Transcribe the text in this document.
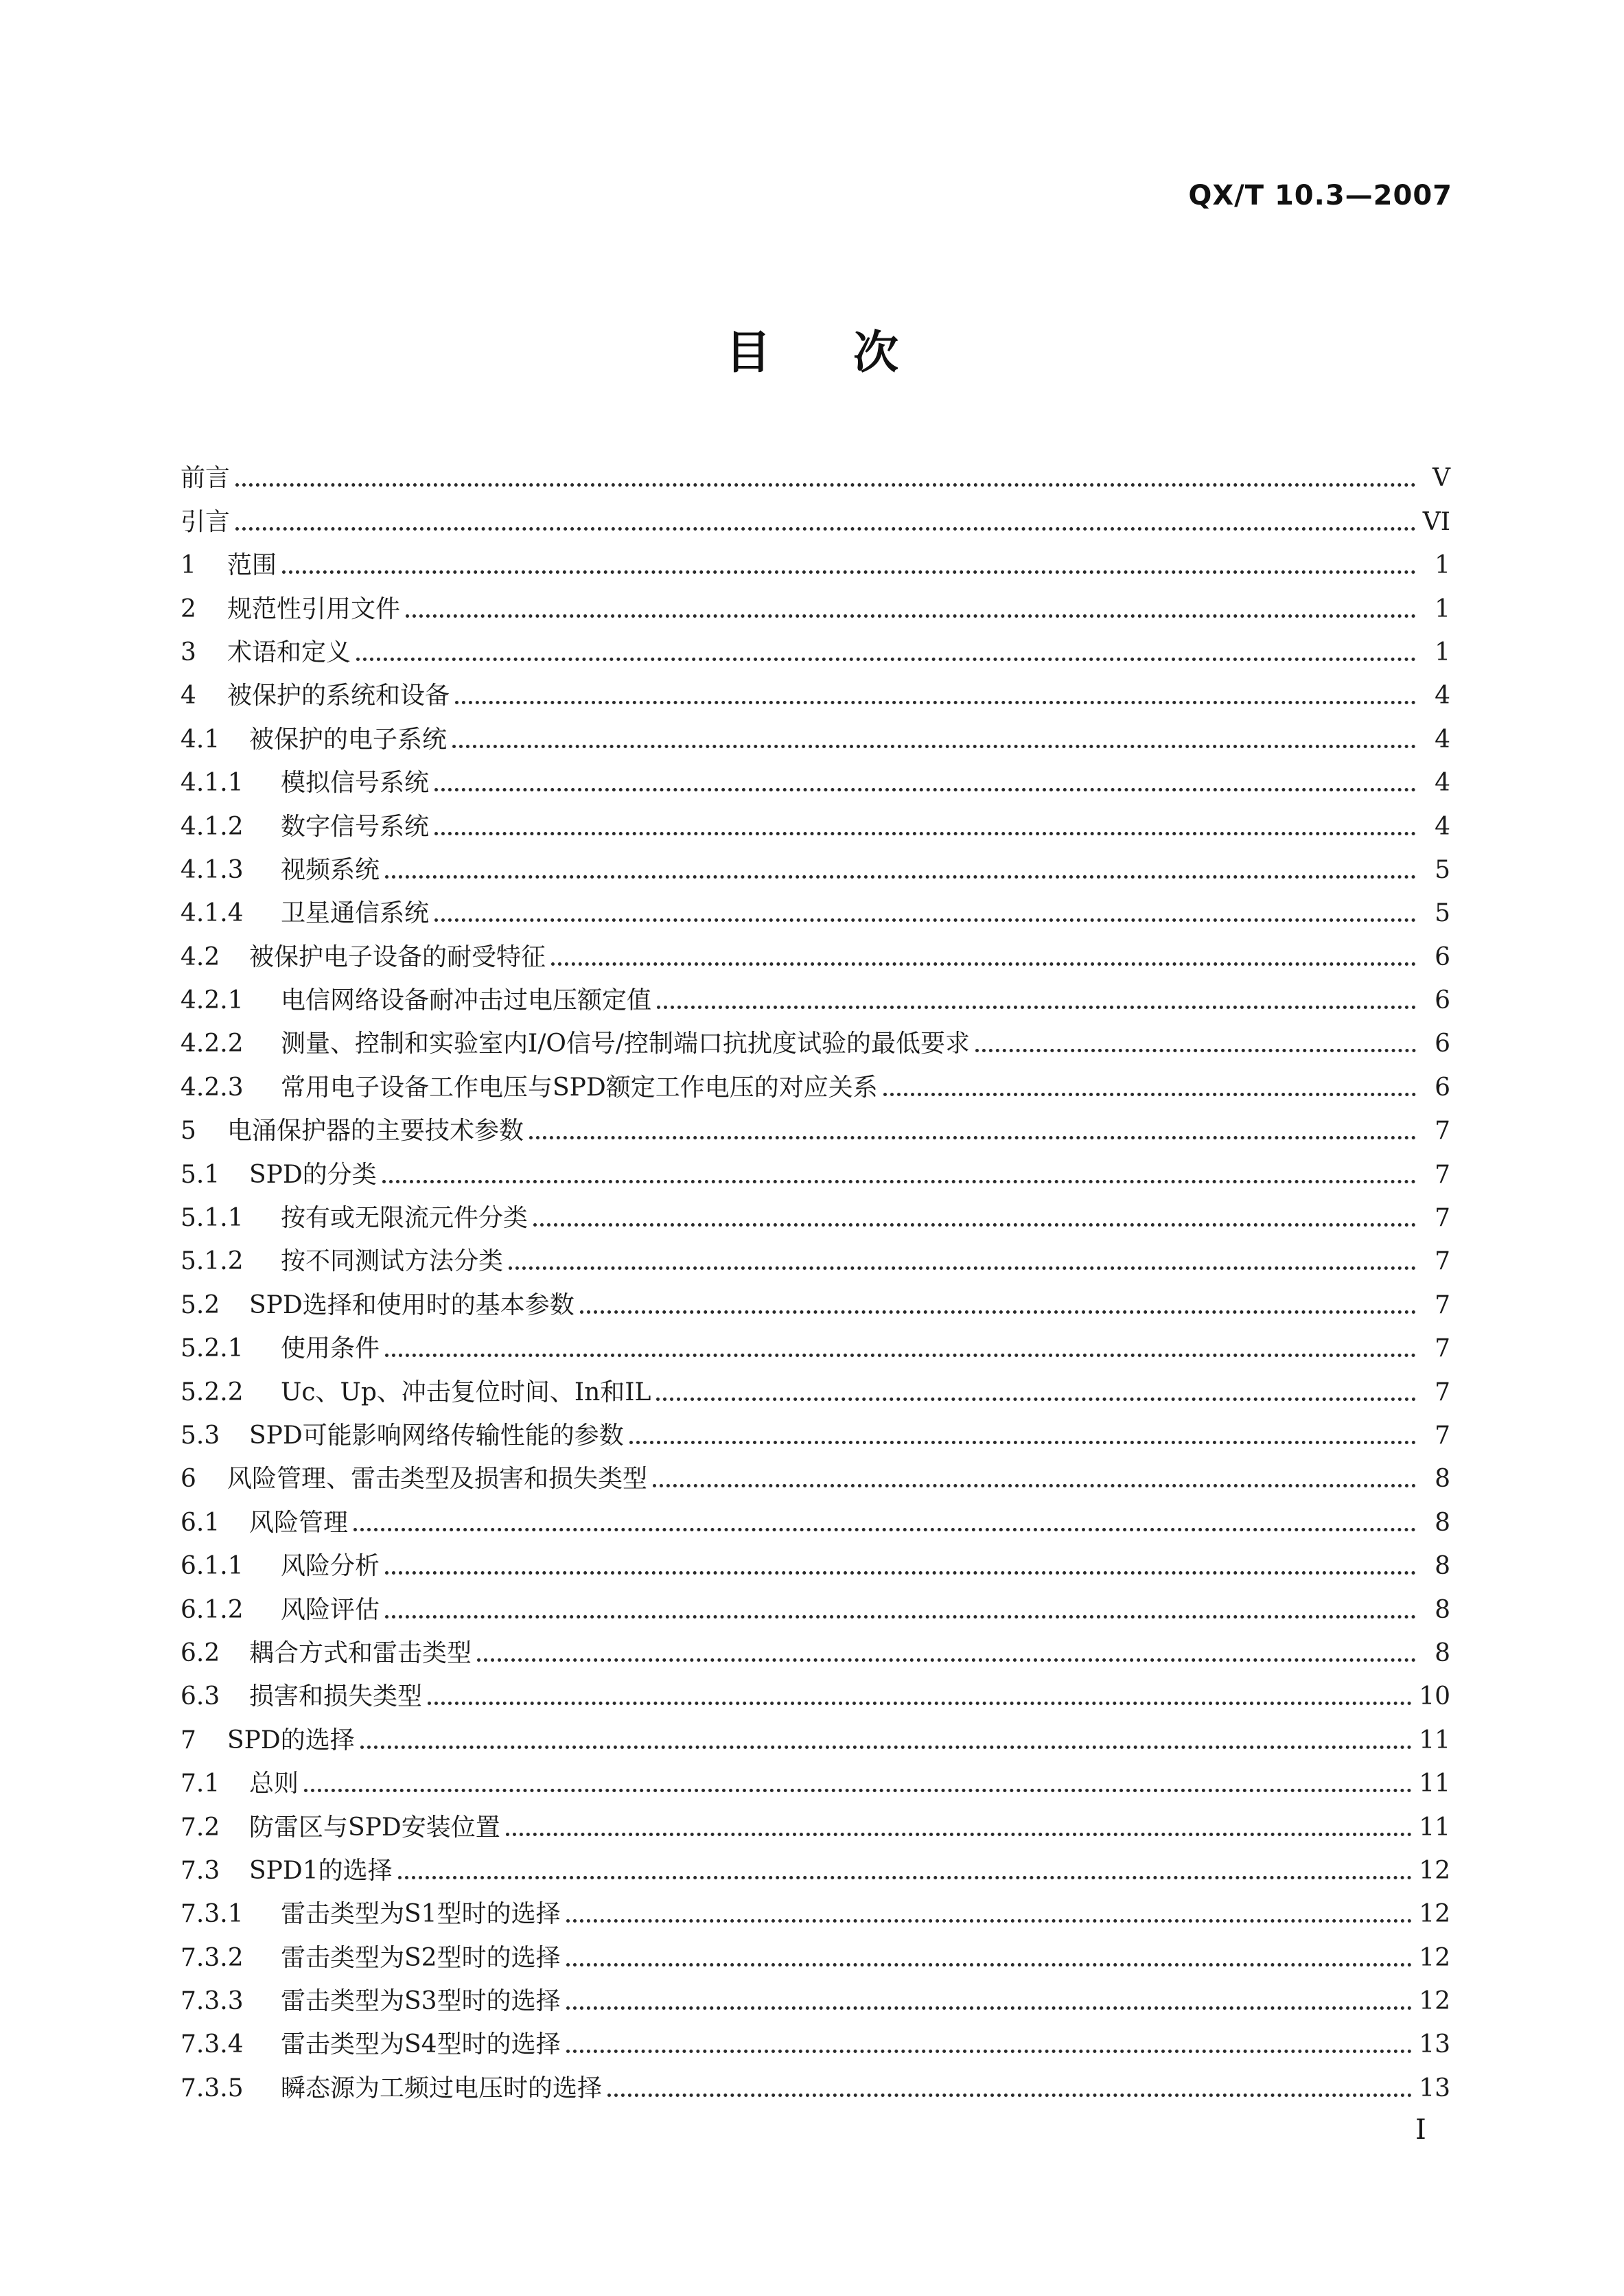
QX/T 10.3—2007
目次
前言	V
引言	VI
1	范围	1
2	规范性引用文件	1
3	术语和定义	1
4	被保护的系统和设备	4
4.1	被保护的电子系统	4
4.1.1	模拟信号系统	4
4.1.2	数字信号系统	4
4.1.3	视频系统	5
4.1.4	卫星通信系统	5
4.2	被保护电子设备的耐受特征	6
4.2.1	电信网络设备耐冲击过电压额定值	6
4.2.2	测量、控制和实验室内I/O信号/控制端口抗扰度试验的最低要求	6
4.2.3	常用电子设备工作电压与SPD额定工作电压的对应关系	6
5	电涌保护器的主要技术参数	7
5.1	SPD的分类	7
5.1.1	按有或无限流元件分类	7
5.1.2	按不同测试方法分类	7
5.2	SPD选择和使用时的基本参数	7
5.2.1	使用条件	7
5.2.2	Uc、Up、冲击复位时间、In和IL	7
5.3	SPD可能影响网络传输性能的参数	7
6	风险管理、雷击类型及损害和损失类型	8
6.1	风险管理	8
6.1.1	风险分析	8
6.1.2	风险评估	8
6.2	耦合方式和雷击类型	8
6.3	损害和损失类型	10
7	SPD的选择	11
7.1	总则	11
7.2	防雷区与SPD安装位置	11
7.3	SPD1的选择	12
7.3.1	雷击类型为S1型时的选择	12
7.3.2	雷击类型为S2型时的选择	12
7.3.3	雷击类型为S3型时的选择	12
7.3.4	雷击类型为S4型时的选择	13
7.3.5	瞬态源为工频过电压时的选择	13
I
